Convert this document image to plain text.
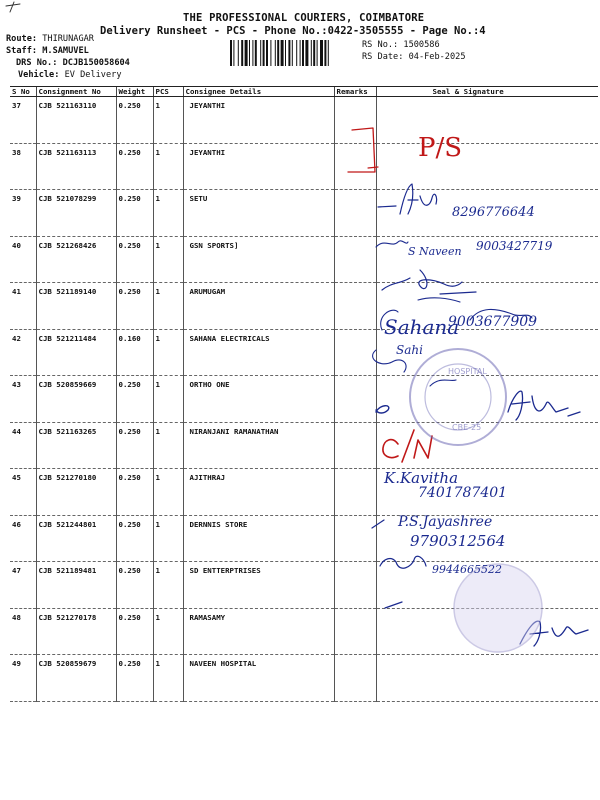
THE PROFESSIONAL COURIERS, COIMBATORE
Delivery Runsheet - PCS - Phone No.:0422-3505555 - Page No.:4
Route: THIRUNAGAR
Staff: M.SAMUVEL
DRS No.: DCJB150058604
Vehicle: EV Delivery
RS No.: 1500586
RS Date: 04-Feb-2025
S No	Consignment No	Weight	PCS	Consignee Details	Remarks	Seal & Signature
37	CJB 521163110	0.250	1	JEYANTHI		
38	CJB 521163113	0.250	1	JEYANTHI		
39	CJB 521078299	0.250	1	SETU		
40	CJB 521268426	0.250	1	GSN SPORTS]		
41	CJB 521189140	0.250	1	ARUMUGAM		
42	CJB 521211484	0.160	1	SAHANA ELECTRICALS		
43	CJB 520859669	0.250	1	ORTHO ONE		
44	CJB 521163265	0.250	1	NIRANJANI RAMANATHAN		
45	CJB 521270180	0.250	1	AJITHRAJ		
46	CJB 521244801	0.250	1	DERNNIS STORE		
47	CJB 521189481	0.250	1	SD ENTTERPTRISES		
48	CJB 521270178	0.250	1	RAMASAMY		
49	CJB 520859679	0.250	1	NAVEEN HOSPITAL		
HOSPITAL
CBE-25
P/S
8296776644
S Naveen 9003427719
Sahana
9003677909
Sahi
K.Kavitha
7401787401
P.S.Jayashree
9790312564
9944665522
